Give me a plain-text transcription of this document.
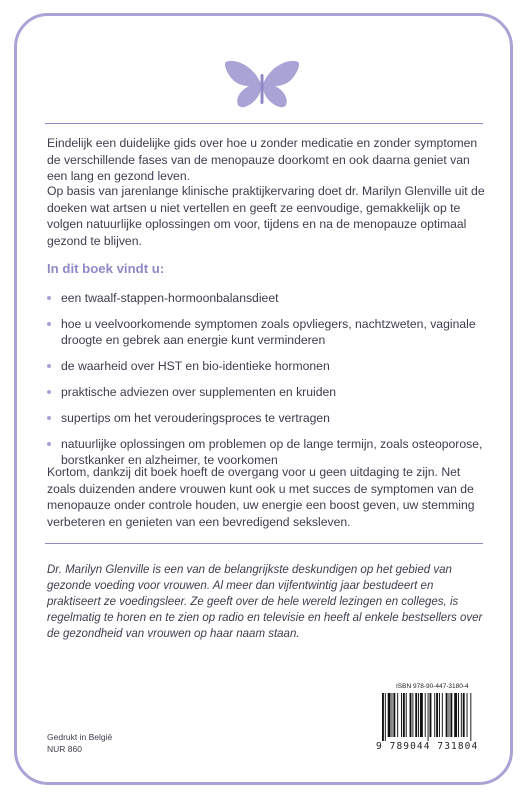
Eindelijk een duidelijke gids over hoe u zonder medicatie en zonder symptomen de verschillende fases van de menopauze doorkomt en ook daarna geniet van een lang en gezond leven.

Op basis van jarenlange klinische praktijkervaring doet dr. Marilyn Glenville uit de doeken wat artsen u niet vertellen en geeft ze eenvoudige, gemakkelijk op te volgen natuurlijke oplossingen om voor, tijdens en na de menopauze optimaal gezond te blijven.

In dit boek vindt u:
een twaalf-stappen-hormoonbalansdieet
hoe u veelvoorkomende symptomen zoals opvliegers, nachtzweten, vaginale droogte en gebrek aan energie kunt verminderen
de waarheid over HST en bio-identieke hormonen
praktische adviezen over supplementen en kruiden
supertips om het verouderingsproces te vertragen
natuurlijke oplossingen om problemen op de lange termijn, zoals osteoporose, borstkanker en alzheimer, te voorkomen

Kortom, dankzij dit boek hoeft de overgang voor u geen uitdaging te zijn. Net zoals duizenden andere vrouwen kunt ook u met succes de symptomen van de menopauze onder controle houden, uw energie een boost geven, uw stemming verbeteren en genieten van een bevredigend seksleven.

Dr. Marilyn Glenville is een van de belangrijkste deskundigen op het gebied van gezonde voeding voor vrouwen. Al meer dan vijfentwintig jaar bestudeert en praktiseert ze voedingsleer. Ze geeft over de hele wereld lezingen en colleges, is regelmatig te horen en te zien op radio en televisie en heeft al enkele bestsellers over de gezondheid van vrouwen op haar naam staan.

Gedrukt in België
NUR 860
ISBN 978-90-447-3180-4
9 789044 731804
